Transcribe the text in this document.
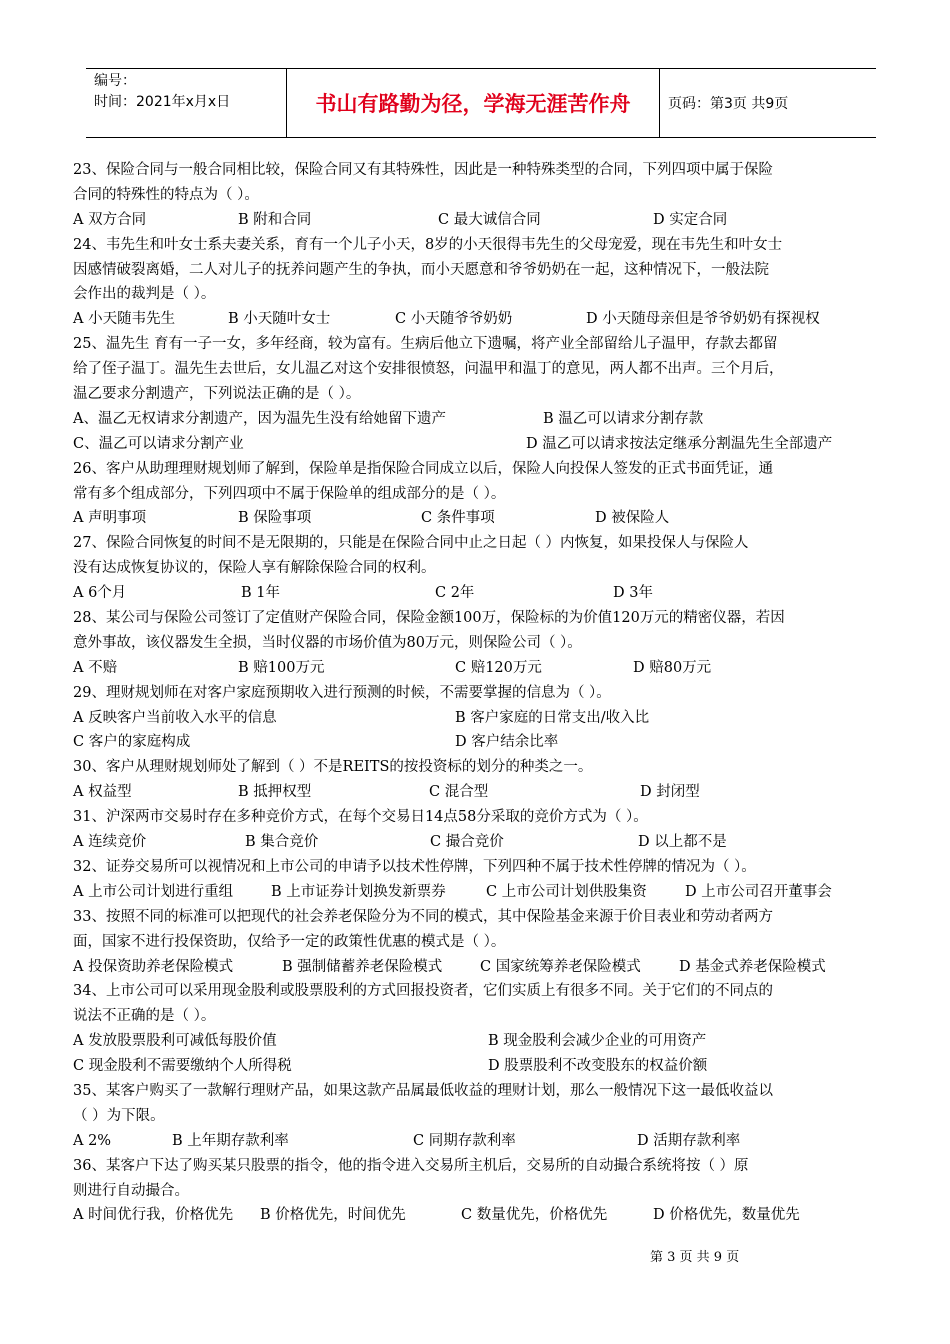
编号：
时间：2021年x月x日	书山有路勤为径，学海无涯苦作舟	页码：第3页 共9页
23、保险合同与一般合同相比较，保险合同又有其特殊性，因此是一种特殊类型的合同，下列四项中属于保险
合同的特殊性的特点为（ ）。
A 双方合同	B 附和合同	C 最大诚信合同	D 实定合同
24、韦先生和叶女士系夫妻关系，育有一个儿子小天，8岁的小天很得韦先生的父母宠爱，现在韦先生和叶女士
因感情破裂离婚，二人对儿子的抚养问题产生的争执，而小天愿意和爷爷奶奶在一起，这种情况下，一般法院
会作出的裁判是（ ）。
A 小天随韦先生	B 小天随叶女士	C 小天随爷爷奶奶	D 小天随母亲但是爷爷奶奶有探视权
25、温先生 育有一子一女，多年经商，较为富有。生病后他立下遗嘱，将产业全部留给儿子温甲，存款去都留
给了侄子温丁。温先生去世后，女儿温乙对这个安排很愤怒，问温甲和温丁的意见，两人都不出声。三个月后，
温乙要求分割遗产，下列说法正确的是（ ）。
A、温乙无权请求分割遗产，因为温先生没有给她留下遗产	B 温乙可以请求分割存款
C、温乙可以请求分割产业	D 温乙可以请求按法定继承分割温先生全部遗产
26、客户从助理理财规划师了解到，保险单是指保险合同成立以后，保险人向投保人签发的正式书面凭证，通
常有多个组成部分，下列四项中不属于保险单的组成部分的是（ ）。
A 声明事项	B 保险事项	C 条件事项	D 被保险人
27、保险合同恢复的时间不是无限期的，只能是在保险合同中止之日起（ ）内恢复，如果投保人与保险人
没有达成恢复协议的，保险人享有解除保险合同的权利。
A 6个月	B 1年	C 2年	D 3年
28、某公司与保险公司签订了定值财产保险合同，保险金额100万，保险标的为价值120万元的精密仪器，若因
意外事故，该仪器发生全损，当时仪器的市场价值为80万元，则保险公司（ ）。
A 不赔	B 赔100万元	C 赔120万元	D 赔80万元
29、理财规划师在对客户家庭预期收入进行预测的时候，不需要掌握的信息为（ ）。
A 反映客户当前收入水平的信息	B 客户家庭的日常支出/收入比
C 客户的家庭构成	D 客户结余比率
30、客户从理财规划师处了解到（ ）不是REITS的按投资标的划分的种类之一。
A 权益型	B 抵押权型	C 混合型	D 封闭型
31、沪深两市交易时存在多种竞价方式，在每个交易日14点58分采取的竞价方式为（ ）。
A 连续竞价	B 集合竞价	C 撮合竞价	D 以上都不是
32、证券交易所可以视情况和上市公司的申请予以技术性停牌，下列四种不属于技术性停牌的情况为（ ）。
A 上市公司计划进行重组	B 上市证券计划换发新票券	C 上市公司计划供股集资	D 上市公司召开董事会
33、按照不同的标准可以把现代的社会养老保险分为不同的模式，其中保险基金来源于价目表业和劳动者两方
面，国家不进行投保资助，仅给予一定的政策性优惠的模式是（ ）。
A 投保资助养老保险模式	B 强制储蓄养老保险模式	C 国家统筹养老保险模式	D 基金式养老保险模式
34、上市公司可以采用现金股利或股票股利的方式回报投资者，它们实质上有很多不同。关于它们的不同点的
说法不正确的是（ ）。
A 发放股票股利可减低每股价值	B 现金股利会减少企业的可用资产
C 现金股利不需要缴纳个人所得税	D 股票股利不改变股东的权益价额
35、某客户购买了一款解行理财产品，如果这款产品属最低收益的理财计划，那么一般情况下这一最低收益以
（ ）为下限。
A 2%	B 上年期存款利率	C 同期存款利率	D 活期存款利率
36、某客户下达了购买某只股票的指令，他的指令进入交易所主机后，交易所的自动撮合系统将按（ ）原
则进行自动撮合。
A 时间优行我，价格优先 B 价格优先，时间优先	C 数量优先，价格优先	D 价格优先，数量优先
第 3 页 共 9 页
